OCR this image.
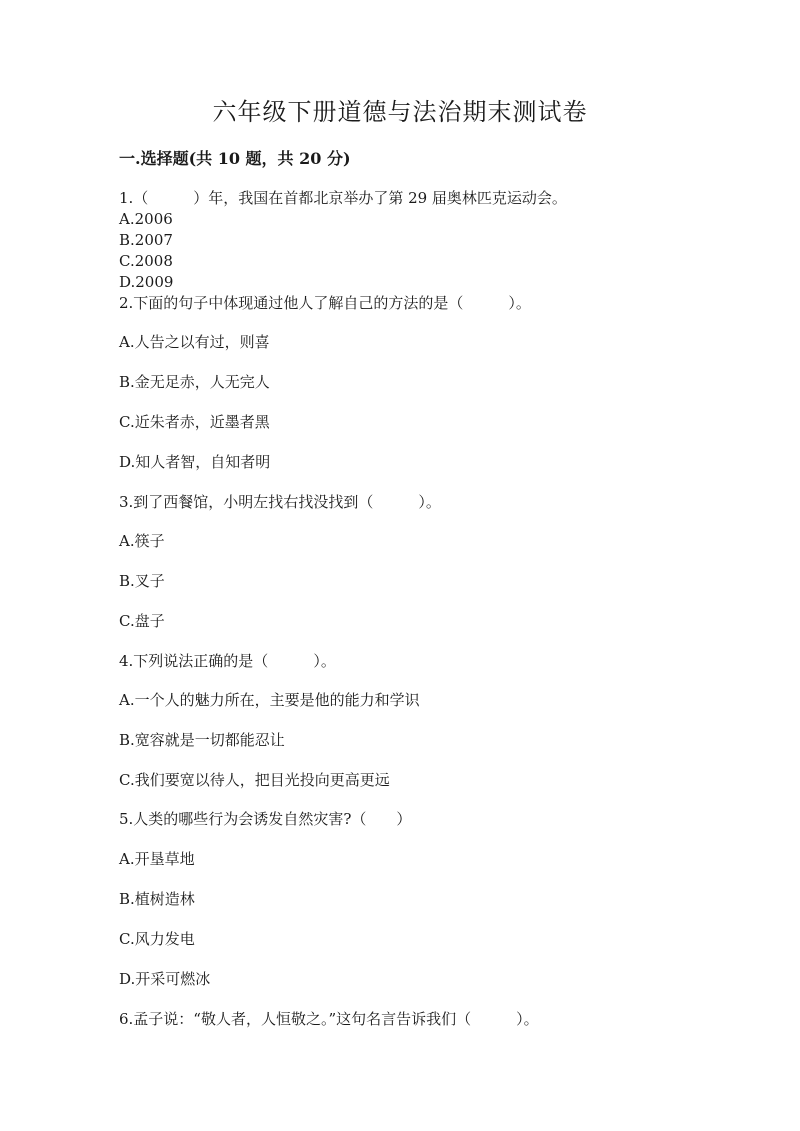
六年级下册道德与法治期末测试卷
一.选择题(共 10 题，共 20 分)
1.（　　　）年，我国在首都北京举办了第 29 届奥林匹克运动会。
A.2006
B.2007
C.2008
D.2009
2.下面的句子中体现通过他人了解自己的方法的是（　　　）。
A.人告之以有过，则喜
B.金无足赤，人无完人
C.近朱者赤，近墨者黑
D.知人者智，自知者明
3.到了西餐馆，小明左找右找没找到（　　　）。
A.筷子
B.叉子
C.盘子
4.下列说法正确的是（　　　）。
A.一个人的魅力所在，主要是他的能力和学识
B.宽容就是一切都能忍让
C.我们要宽以待人，把目光投向更高更远
5.人类的哪些行为会诱发自然灾害?（　　）
A.开垦草地
B.植树造林
C.风力发电
D.开采可燃冰
6.孟子说：“敬人者，人恒敬之。”这句名言告诉我们（　　　）。
